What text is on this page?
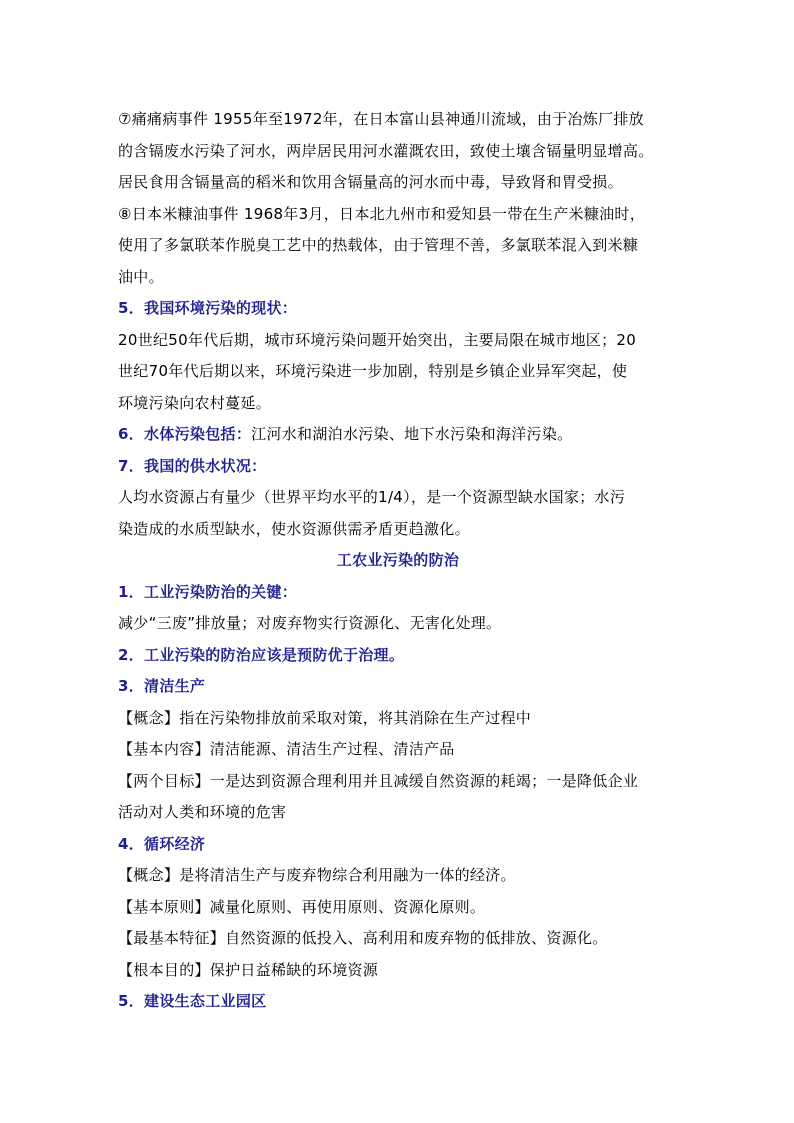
⑦痛痛病事件 1955年至1972年，在日本富山县神通川流域，由于冶炼厂排放
的含镉废水污染了河水，两岸居民用河水灌溉农田，致使土壤含镉量明显增高。
居民食用含镉量高的稻米和饮用含镉量高的河水而中毒，导致肾和胃受损。
⑧日本米糠油事件 1968年3月，日本北九州市和爱知县一带在生产米糠油时，
使用了多氯联苯作脱臭工艺中的热载体，由于管理不善，多氯联苯混入到米糠
油中。
5．我国环境污染的现状：
20世纪50年代后期，城市环境污染问题开始突出，主要局限在城市地区；20
世纪70年代后期以来，环境污染进一步加剧，特别是乡镇企业异军突起，使
环境污染向农村蔓延。
6．水体污染包括：江河水和湖泊水污染、地下水污染和海洋污染。
7．我国的供水状况：
人均水资源占有量少（世界平均水平的1/4），是一个资源型缺水国家；水污
染造成的水质型缺水，使水资源供需矛盾更趋激化。
工农业污染的防治
1．工业污染防治的关键：
减少“三废”排放量；对废弃物实行资源化、无害化处理。
2．工业污染的防治应该是预防优于治理。
3．清洁生产
【概念】指在污染物排放前采取对策，将其消除在生产过程中
【基本内容】清洁能源、清洁生产过程、清洁产品
【两个目标】一是达到资源合理利用并且减缓自然资源的耗竭；一是降低企业
活动对人类和环境的危害
4．循环经济
【概念】是将清洁生产与废弃物综合利用融为一体的经济。
【基本原则】减量化原则、再使用原则、资源化原则。
【最基本特征】自然资源的低投入、高利用和废弃物的低排放、资源化。
【根本目的】保护日益稀缺的环境资源
5．建设生态工业园区
